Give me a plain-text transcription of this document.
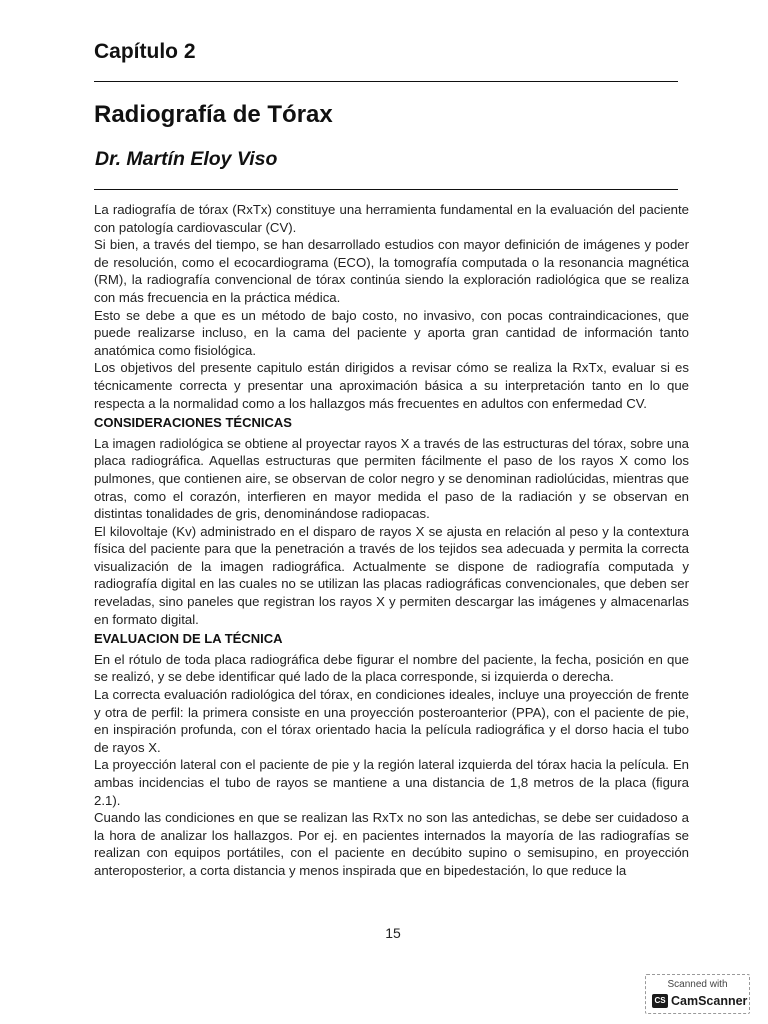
Capítulo 2
Radiografía de Tórax
Dr. Martín Eloy Viso

La radiografía de tórax (RxTx) constituye una herramienta fundamental en la evaluación del paciente con patología cardiovascular (CV).

Si bien, a través del tiempo, se han desarrollado estudios con mayor definición de imágenes y poder de resolución, como el ecocardiograma (ECO), la tomografía computada o la resonancia magnética (RM), la radiografía convencional de tórax continúa siendo la exploración radiológica que se realiza con más frecuencia en la práctica médica.

Esto se debe a que es un método de bajo costo, no invasivo, con pocas contraindicaciones, que puede realizarse incluso, en la cama del paciente y aporta gran cantidad de información tanto anatómica como fisiológica.

Los objetivos del presente capitulo están dirigidos a revisar cómo se realiza la RxTx, evaluar si es técnicamente correcta y presentar una aproximación básica a su interpretación tanto en lo que respecta a la normalidad como a los hallazgos más frecuentes en adultos con enfermedad CV.

CONSIDERACIONES TÉCNICAS

La imagen radiológica se obtiene al proyectar rayos X a través de las estructuras del tórax, sobre una placa radiográfica. Aquellas estructuras que permiten fácilmente el paso de los rayos X como los pulmones, que contienen aire, se observan de color negro y se denominan radiolúcidas, mientras que otras, como el corazón, interfieren en mayor medida el paso de la radiación y se observan en distintas tonalidades de gris, denominándose radiopacas.

El kilovoltaje (Kv) administrado en el disparo de rayos X se ajusta en relación al peso y la contextura física del paciente para que la penetración a través de los tejidos sea adecuada y permita la correcta visualización de la imagen radiográfica. Actualmente se dispone de radiografía computada y radiografía digital en las cuales no se utilizan las placas radiográficas convencionales, que deben ser reveladas, sino paneles que registran los rayos X y permiten descargar las imágenes y almacenarlas en formato digital.

EVALUACION DE LA TÉCNICA

En el rótulo de toda placa radiográfica debe figurar el nombre del paciente, la fecha, posición en que se realizó, y se debe identificar qué lado de la placa corresponde, si izquierda o derecha.

La correcta evaluación radiológica del tórax, en condiciones ideales, incluye una proyección de frente y otra de perfil: la primera consiste en una proyección posteroanterior (PPA), con el paciente de pie, en inspiración profunda, con el tórax orientado hacia la película radiográfica y el dorso hacia el tubo de rayos X.

La proyección lateral con el paciente de pie y la región lateral izquierda del tórax hacia la película. En ambas incidencias el tubo de rayos se mantiene a una distancia de 1,8 metros de la placa (figura 2.1).

Cuando las condiciones en que se realizan las RxTx no son las antedichas, se debe ser cuidadoso a la hora de analizar los hallazgos. Por ej. en pacientes internados la mayoría de las radiografías se realizan con equipos portátiles, con el paciente en decúbito supino o semisupino, en proyección anteroposterior, a corta distancia y menos inspirada que en bipedestación, lo que reduce la

15
Scanned with
CS CamScanner
